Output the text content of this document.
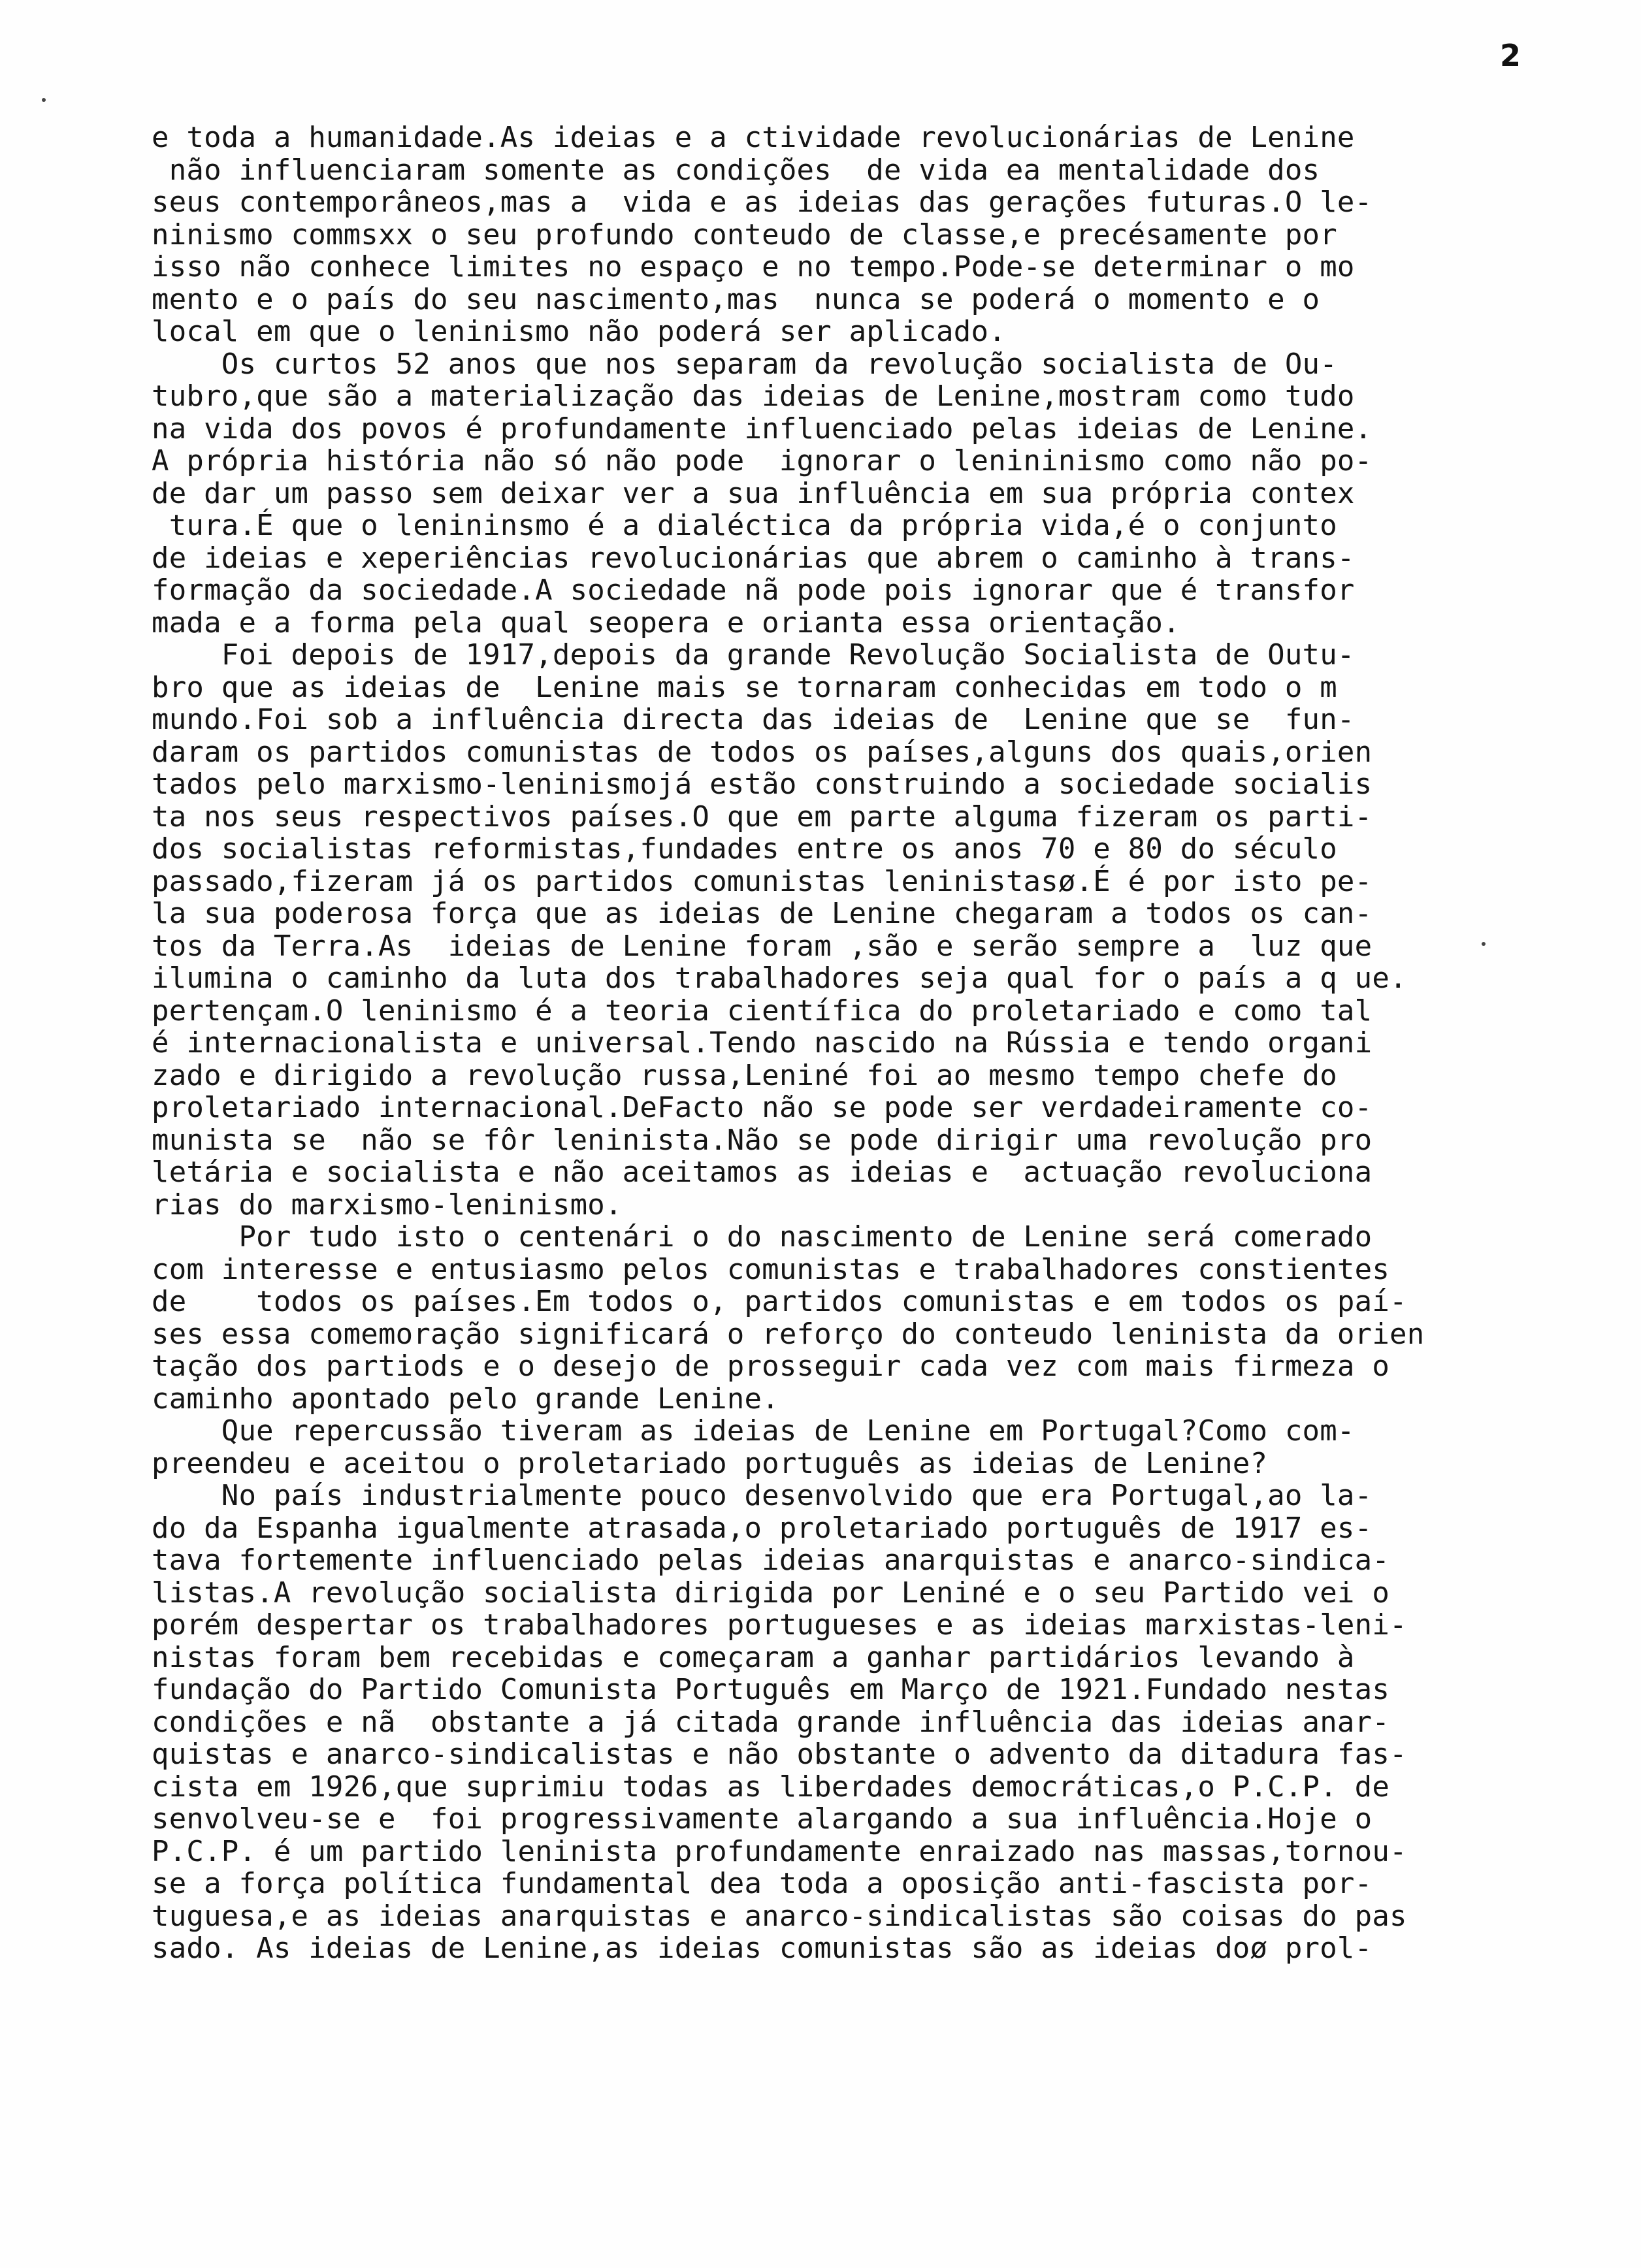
2
e toda a humanidade.As ideias e a ctividade revolucionárias de Lenine
não influenciaram somente as condições  de vida ea mentalidade dos
seus contemporâneos,mas a  vida e as ideias das gerações futuras.O le-
ninismo commsxx o seu profundo conteudo de classe,e precésamente por
isso não conhece limites no espaço e no tempo.Pode-se determinar o mo
mento e o país do seu nascimento,mas  nunca se poderá o momento e o
local em que o leninismo não poderá ser aplicado.
Os curtos 52 anos que nos separam da revolução socialista de Ou-
tubro,que são a materialização das ideias de Lenine,mostram como tudo
na vida dos povos é profundamente influenciado pelas ideias de Lenine.
A própria história não só não pode  ignorar o lenininismo como não po-
de dar um passo sem deixar ver a sua influência em sua própria contex
tura.É que o lenininsmo é a dialéctica da própria vida,é o conjunto
de ideias e xeperiências revolucionárias que abrem o caminho à trans-
formação da sociedade.A sociedade nã pode pois ignorar que é transfor
mada e a forma pela qual seopera e orianta essa orientação.
Foi depois de 1917,depois da grande Revolução Socialista de Outu-
bro que as ideias de  Lenine mais se tornaram conhecidas em todo o m
mundo.Foi sob a influência directa das ideias de  Lenine que se  fun-
daram os partidos comunistas de todos os países,alguns dos quais,orien
tados pelo marxismo-leninismojá estão construindo a sociedade socialis
ta nos seus respectivos países.O que em parte alguma fizeram os parti-
dos socialistas reformistas,fundades entre os anos 70 e 80 do século
passado,fizeram já os partidos comunistas leninistasø.É é por isto pe-
la sua poderosa força que as ideias de Lenine chegaram a todos os can-
tos da Terra.As  ideias de Lenine foram ,são e serão sempre a  luz que
ilumina o caminho da luta dos trabalhadores seja qual for o país a q ue.
pertençam.O leninismo é a teoria científica do proletariado e como tal
é internacionalista e universal.Tendo nascido na Rússia e tendo organi
zado e dirigido a revolução russa,Leniné foi ao mesmo tempo chefe do
proletariado internacional.DeFacto não se pode ser verdadeiramente co-
munista se  não se fôr leninista.Não se pode dirigir uma revolução pro
letária e socialista e não aceitamos as ideias e  actuação revoluciona
rias do marxismo-leninismo.
Por tudo isto o centenári o do nascimento de Lenine será comerado
com interesse e entusiasmo pelos comunistas e trabalhadores constientes
de    todos os países.Em todos o, partidos comunistas e em todos os paí-
ses essa comemoração significará o reforço do conteudo leninista da orien
tação dos partiods e o desejo de prosseguir cada vez com mais firmeza o
caminho apontado pelo grande Lenine.
Que repercussão tiveram as ideias de Lenine em Portugal?Como com-
preendeu e aceitou o proletariado português as ideias de Lenine?
No país industrialmente pouco desenvolvido que era Portugal,ao la-
do da Espanha igualmente atrasada,o proletariado português de 1917 es-
tava fortemente influenciado pelas ideias anarquistas e anarco-sindica-
listas.A revolução socialista dirigida por Leniné e o seu Partido vei o
porém despertar os trabalhadores portugueses e as ideias marxistas-leni-
nistas foram bem recebidas e começaram a ganhar partidários levando à
fundação do Partido Comunista Português em Março de 1921.Fundado nestas
condições e nã  obstante a já citada grande influência das ideias anar-
quistas e anarco-sindicalistas e não obstante o advento da ditadura fas-
cista em 1926,que suprimiu todas as liberdades democráticas,o P.C.P. de
senvolveu-se e  foi progressivamente alargando a sua influência.Hoje o
P.C.P. é um partido leninista profundamente enraizado nas massas,tornou-
se a força política fundamental dea toda a oposição anti-fascista por-
tuguesa,e as ideias anarquistas e anarco-sindicalistas são coisas do pas
sado. As ideias de Lenine,as ideias comunistas são as ideias doø prol-
